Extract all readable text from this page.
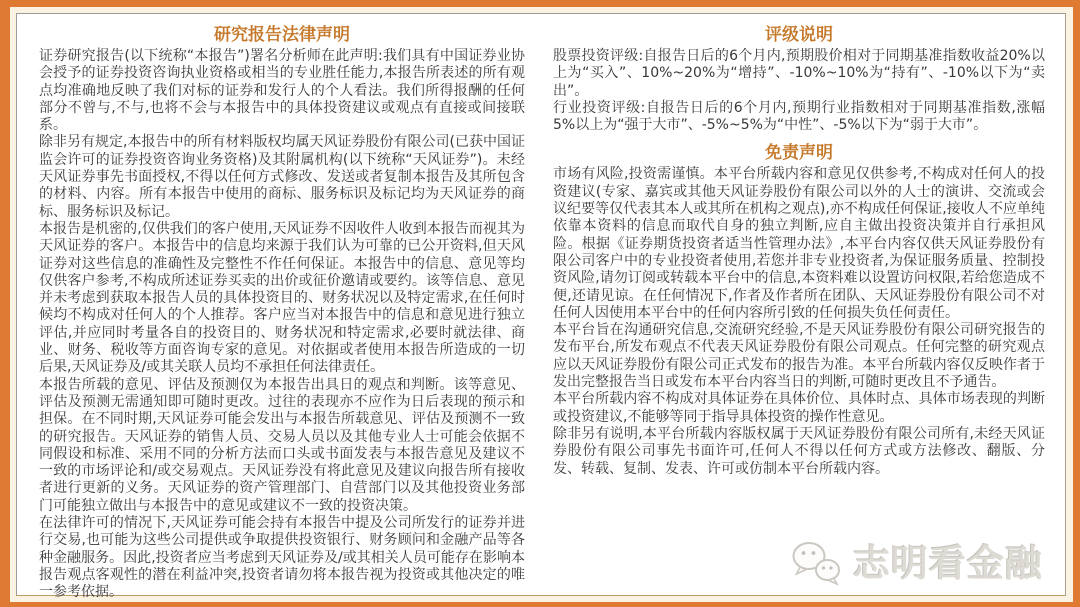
研究报告法律声明

证券研究报告(以下统称“本报告”)署名分析师在此声明:我们具有中国证券业协会授予的证券投资咨询执业资格或相当的专业胜任能力,本报告所表述的所有观点均准确地反映了我们对标的证券和发行人的个人看法。我们所得报酬的任何部分不曾与,不与,也将不会与本报告中的具体投资建议或观点有直接或间接联系。

除非另有规定,本报告中的所有材料版权均属天风证券股份有限公司(已获中国证监会许可的证券投资咨询业务资格)及其附属机构(以下统称“天风证券”)。未经天风证券事先书面授权,不得以任何方式修改、发送或者复制本报告及其所包含的材料、内容。所有本报告中使用的商标、服务标识及标记均为天风证券的商标、服务标识及标记。

本报告是机密的,仅供我们的客户使用,天风证券不因收件人收到本报告而视其为天风证券的客户。本报告中的信息均来源于我们认为可靠的已公开资料,但天风证券对这些信息的准确性及完整性不作任何保证。本报告中的信息、意见等均仅供客户参考,不构成所述证券买卖的出价或征价邀请或要约。该等信息、意见并未考虑到获取本报告人员的具体投资目的、财务状况以及特定需求,在任何时候均不构成对任何人的个人推荐。客户应当对本报告中的信息和意见进行独立评估,并应同时考量各自的投资目的、财务状况和特定需求,必要时就法律、商业、财务、税收等方面咨询专家的意见。对依据或者使用本报告所造成的一切后果,天风证券及/或其关联人员均不承担任何法律责任。

本报告所载的意见、评估及预测仅为本报告出具日的观点和判断。该等意见、评估及预测无需通知即可随时更改。过往的表现亦不应作为日后表现的预示和担保。在不同时期,天风证券可能会发出与本报告所载意见、评估及预测不一致的研究报告。天风证券的销售人员、交易人员以及其他专业人士可能会依据不同假设和标准、采用不同的分析方法而口头或书面发表与本报告意见及建议不一致的市场评论和/或交易观点。天风证券没有将此意见及建议向报告所有接收者进行更新的义务。天风证券的资产管理部门、自营部门以及其他投资业务部门可能独立做出与本报告中的意见或建议不一致的投资决策。

在法律许可的情况下,天风证券可能会持有本报告中提及公司所发行的证券并进行交易,也可能为这些公司提供或争取提供投资银行、财务顾问和金融产品等各种金融服务。因此,投资者应当考虑到天风证券及/或其相关人员可能存在影响本报告观点客观性的潜在利益冲突,投资者请勿将本报告视为投资或其他决定的唯一参考依据。

评级说明

股票投资评级:自报告日后的6个月内,预期股价相对于同期基准指数收益20%以上为“买入”、10%~20%为“增持”、-10%~10%为“持有”、-10%以下为“卖出”。

行业投资评级:自报告日后的6个月内,预期行业指数相对于同期基准指数,涨幅5%以上为“强于大市”、-5%~5%为“中性”、-5%以下为“弱于大市”。

免责声明

市场有风险,投资需谨慎。本平台所载内容和意见仅供参考,不构成对任何人的投资建议(专家、嘉宾或其他天风证券股份有限公司以外的人士的演讲、交流或会议纪要等仅代表其本人或其所在机构之观点),亦不构成任何保证,接收人不应单纯依靠本资料的信息而取代自身的独立判断,应自主做出投资决策并自行承担风险。根据《证券期货投资者适当性管理办法》,本平台内容仅供天风证券股份有限公司客户中的专业投资者使用,若您并非专业投资者,为保证服务质量、控制投资风险,请勿订阅或转载本平台中的信息,本资料难以设置访问权限,若给您造成不便,还请见谅。在任何情况下,作者及作者所在团队、天风证券股份有限公司不对任何人因使用本平台中的任何内容所引致的任何损失负任何责任。

本平台旨在沟通研究信息,交流研究经验,不是天风证券股份有限公司研究报告的发布平台,所发布观点不代表天风证券股份有限公司观点。任何完整的研究观点应以天风证券股份有限公司正式发布的报告为准。本平台所载内容仅反映作者于发出完整报告当日或发布本平台内容当日的判断,可随时更改且不予通告。

本平台所载内容不构成对具体证券在具体价位、具体时点、具体市场表现的判断或投资建议,不能够等同于指导具体投资的操作性意见。

除非另有说明,本平台所载内容版权属于天风证券股份有限公司所有,未经天风证券股份有限公司事先书面许可,任何人不得以任何方式或方法修改、翻版、分发、转载、复制、发表、许可或仿制本平台所载内容。

志明看金融
